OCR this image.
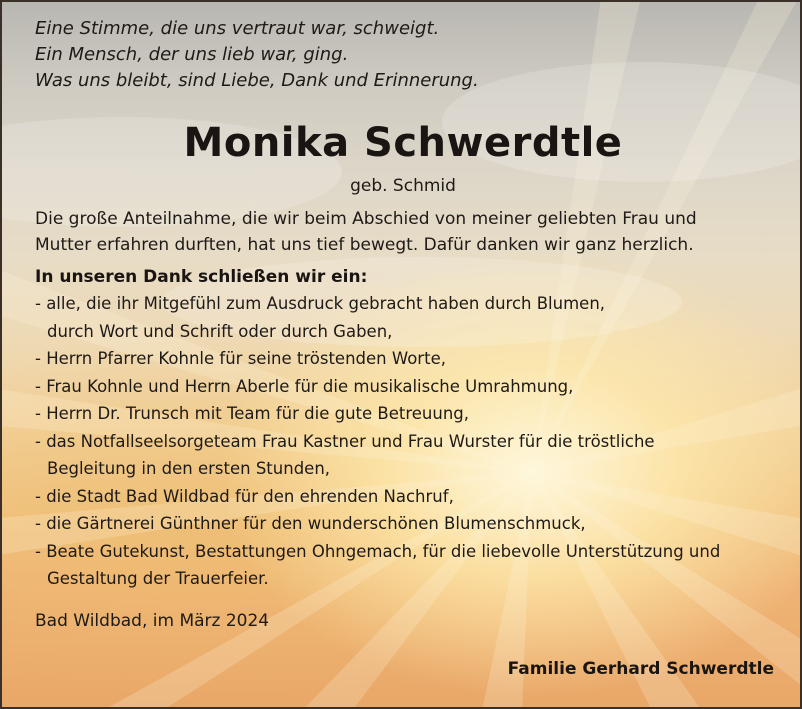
Eine Stimme, die uns vertraut war, schweigt.
Ein Mensch, der uns lieb war, ging.
Was uns bleibt, sind Liebe, Dank und Erinnerung.
Monika Schwerdtle
geb. Schmid
Die große Anteilnahme, die wir beim Abschied von meiner geliebten Frau und
Mutter erfahren durften, hat uns tief bewegt. Dafür danken wir ganz herzlich.
In unseren Dank schließen wir ein:
- alle, die ihr Mitgefühl zum Ausdruck gebracht haben durch Blumen,
durch Wort und Schrift oder durch Gaben,
- Herrn Pfarrer Kohnle für seine tröstenden Worte,
- Frau Kohnle und Herrn Aberle für die musikalische Umrahmung,
- Herrn Dr. Trunsch mit Team für die gute Betreuung,
- das Notfallseelsorgeteam Frau Kastner und Frau Wurster für die tröstliche
Begleitung in den ersten Stunden,
- die Stadt Bad Wildbad für den ehrenden Nachruf,
- die Gärtnerei Günthner für den wunderschönen Blumenschmuck,
- Beate Gutekunst, Bestattungen Ohngemach, für die liebevolle Unterstützung und
Gestaltung der Trauerfeier.
Bad Wildbad, im März 2024
Familie Gerhard Schwerdtle
